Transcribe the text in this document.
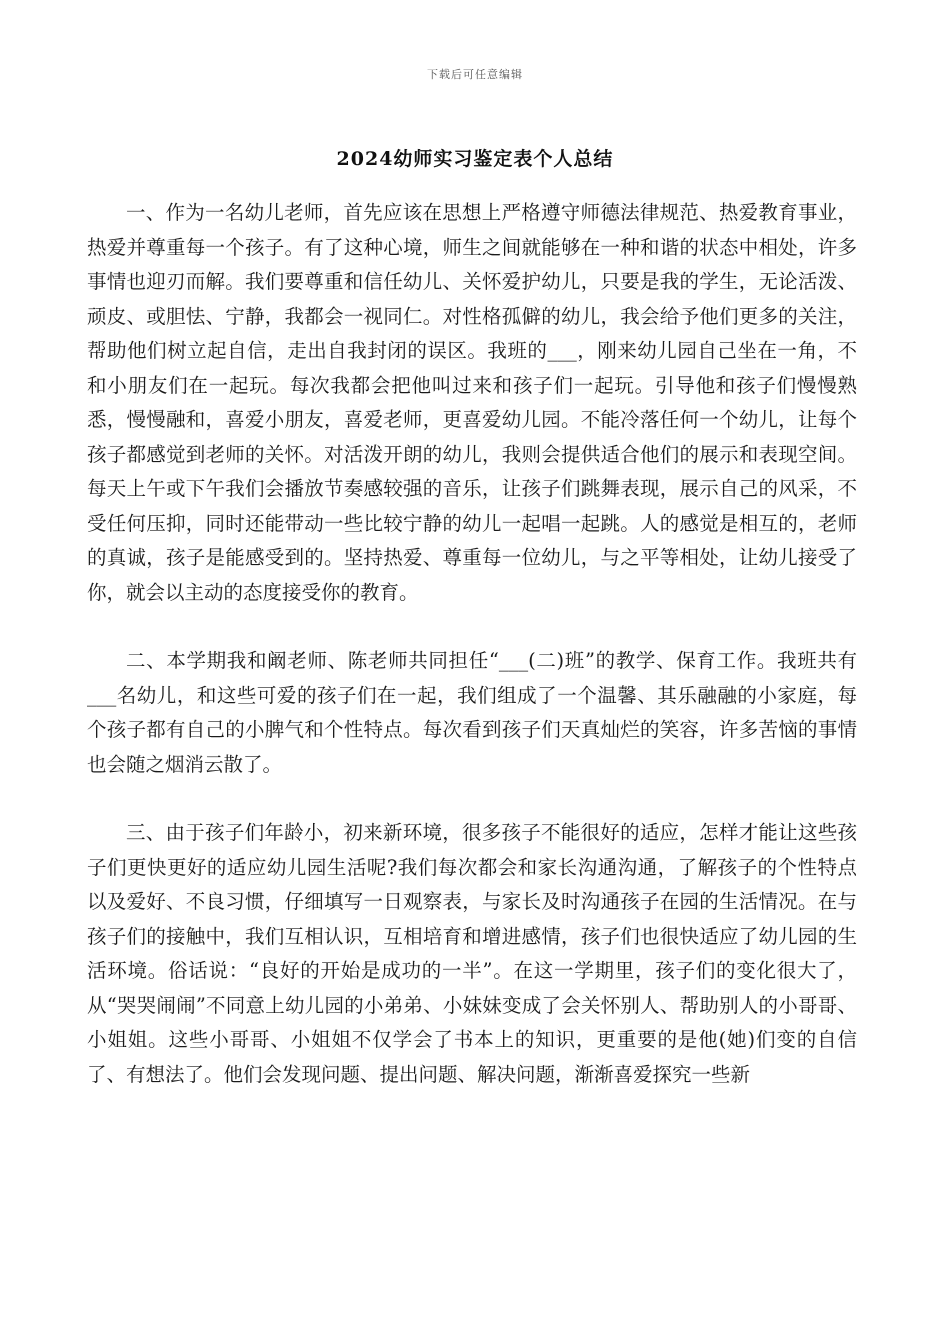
下载后可任意编辑
2024幼师实习鉴定表个人总结

一、作为一名幼儿老师，首先应该在思想上严格遵守师德法律规范、热爱教育事业，热爱并尊重每一个孩子。有了这种心境，师生之间就能够在一种和谐的状态中相处，许多事情也迎刃而解。我们要尊重和信任幼儿、关怀爱护幼儿，只要是我的学生，无论活泼、顽皮、或胆怯、宁静，我都会一视同仁。对性格孤僻的幼儿，我会给予他们更多的关注，帮助他们树立起自信，走出自我封闭的误区。我班的___，刚来幼儿园自己坐在一角，不和小朋友们在一起玩。每次我都会把他叫过来和孩子们一起玩。引导他和孩子们慢慢熟悉，慢慢融和，喜爱小朋友，喜爱老师，更喜爱幼儿园。不能冷落任何一个幼儿，让每个孩子都感觉到老师的关怀。对活泼开朗的幼儿，我则会提供适合他们的展示和表现空间。每天上午或下午我们会播放节奏感较强的音乐，让孩子们跳舞表现，展示自己的风采，不受任何压抑，同时还能带动一些比较宁静的幼儿一起唱一起跳。人的感觉是相互的，老师的真诚，孩子是能感受到的。坚持热爱、尊重每一位幼儿，与之平等相处，让幼儿接受了你，就会以主动的态度接受你的教育。

二、本学期我和阚老师、陈老师共同担任“___(二)班”的教学、保育工作。我班共有___名幼儿，和这些可爱的孩子们在一起，我们组成了一个温馨、其乐融融的小家庭，每个孩子都有自己的小脾气和个性特点。每次看到孩子们天真灿烂的笑容，许多苦恼的事情也会随之烟消云散了。

三、由于孩子们年龄小，初来新环境，很多孩子不能很好的适应，怎样才能让这些孩子们更快更好的适应幼儿园生活呢?我们每次都会和家长沟通沟通，了解孩子的个性特点以及爱好、不良习惯，仔细填写一日观察表，与家长及时沟通孩子在园的生活情况。在与孩子们的接触中，我们互相认识，互相培育和增进感情，孩子们也很快适应了幼儿园的生活环境。俗话说：“良好的开始是成功的一半”。在这一学期里，孩子们的变化很大了，从“哭哭闹闹”不同意上幼儿园的小弟弟、小妹妹变成了会关怀别人、帮助别人的小哥哥、小姐姐。这些小哥哥、小姐姐不仅学会了书本上的知识，更重要的是他(她)们变的自信了、有想法了。他们会发现问题、提出问题、解决问题，渐渐喜爱探究一些新
